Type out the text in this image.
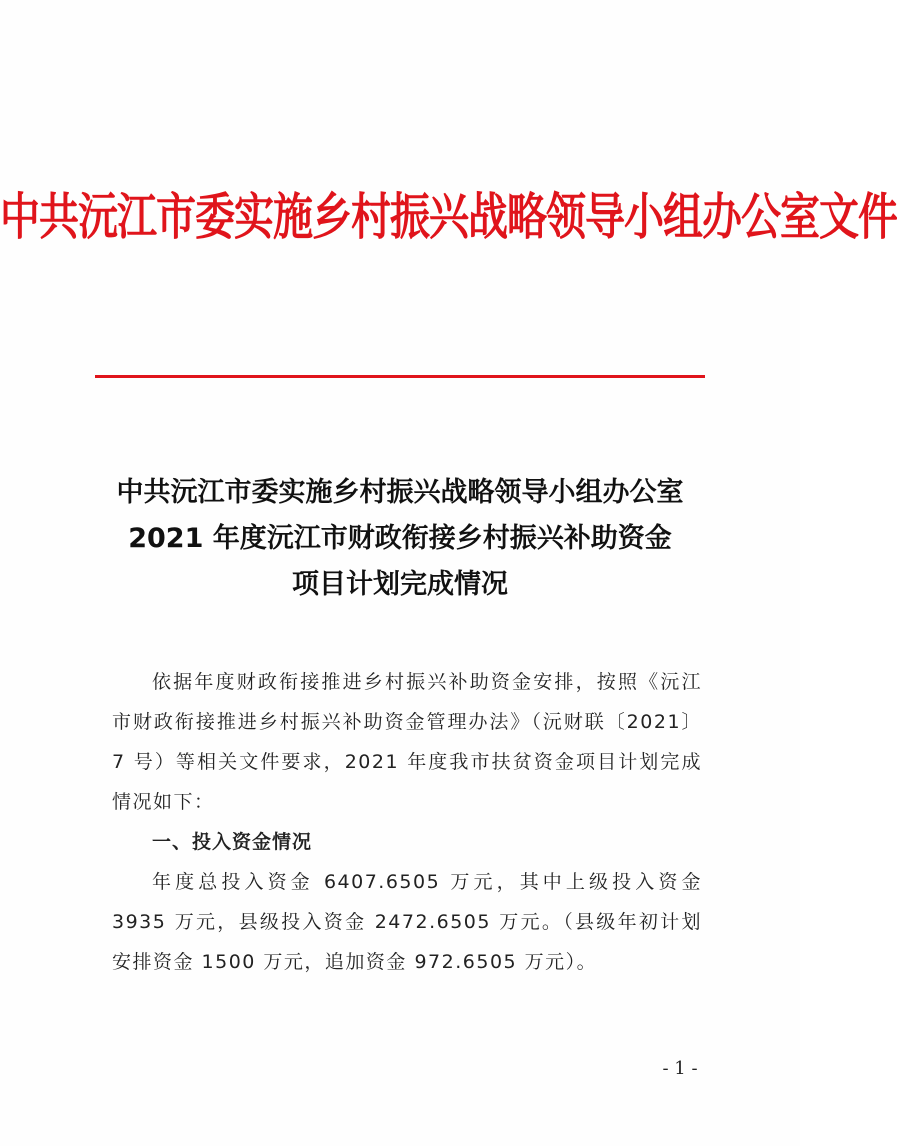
中共沅江市委实施乡村振兴战略领导小组办公室文件
中共沅江市委实施乡村振兴战略领导小组办公室
2021 年度沅江市财政衔接乡村振兴补助资金
项目计划完成情况

依据年度财政衔接推进乡村振兴补助资金安排，按照《沅江市财政衔接推进乡村振兴补助资金管理办法》（沅财联〔2021〕7 号）等相关文件要求，2021 年度我市扶贫资金项目计划完成情况如下：

一、投入资金情况

年度总投入资金 6407.6505 万元，其中上级投入资金 3935 万元，县级投入资金 2472.6505 万元。（县级年初计划安排资金 1500 万元，追加资金 972.6505 万元）。

- 1 -
